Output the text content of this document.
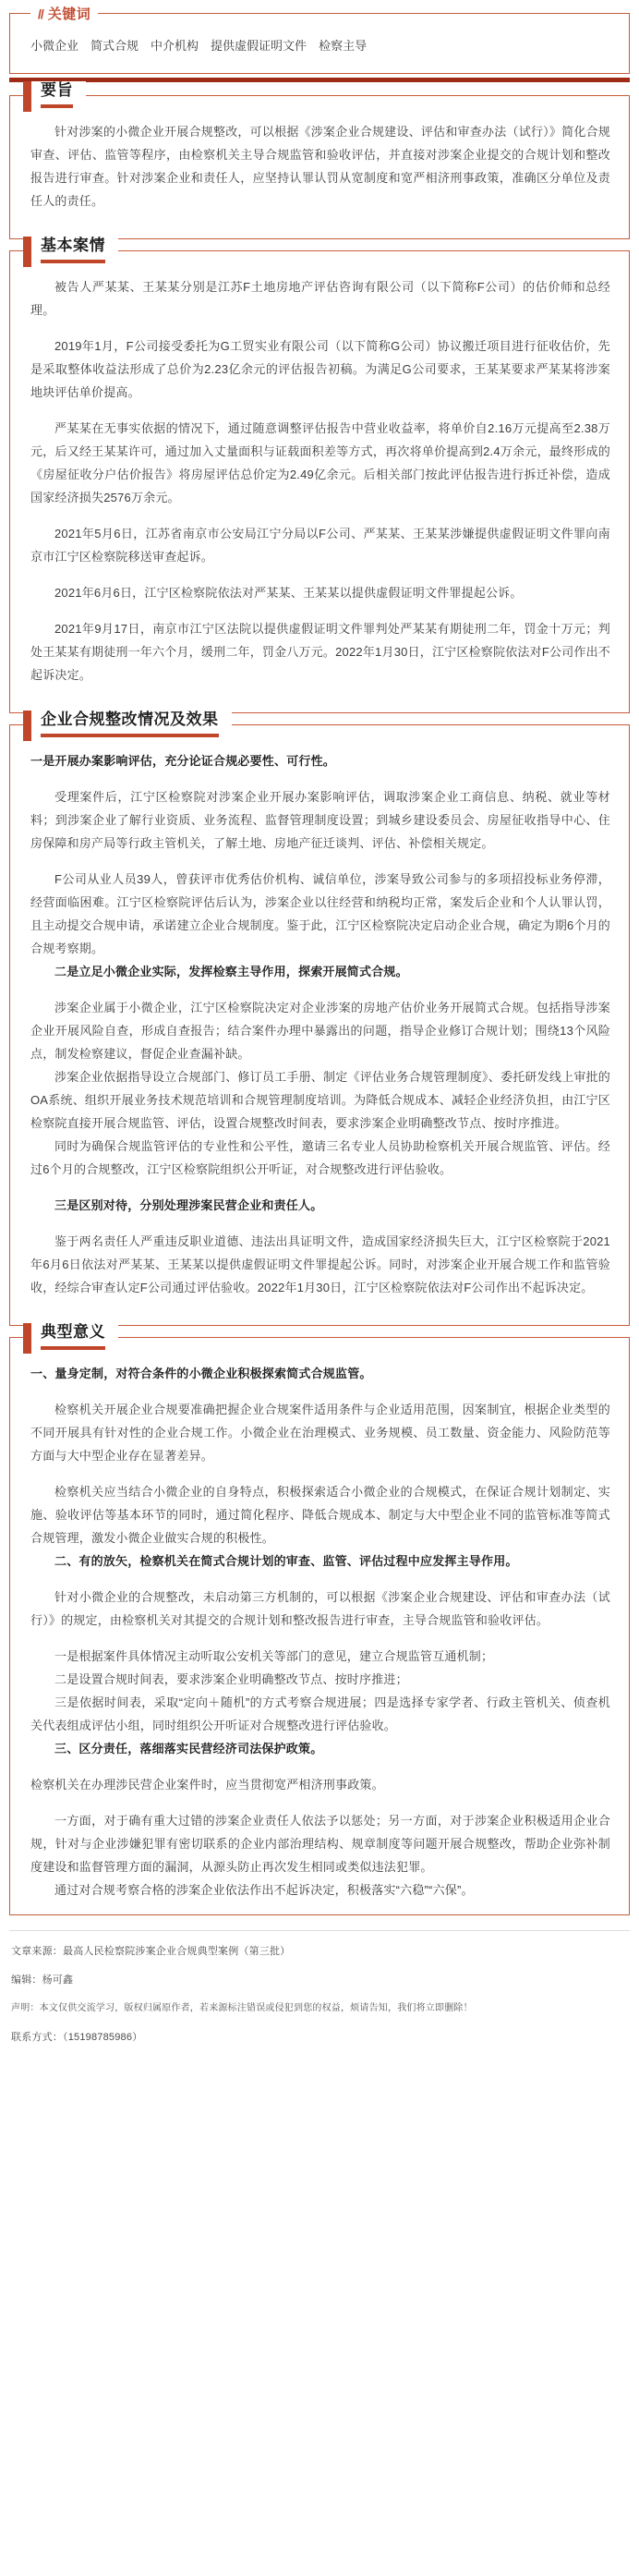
// 关键词
小微企业 简式合规 中介机构 提供虚假证明文件 检察主导
要旨

针对涉案的小微企业开展合规整改，可以根据《涉案企业合规建设、评估和审查办法（试行）》简化合规审查、评估、监管等程序，由检察机关主导合规监管和验收评估，并直接对涉案企业提交的合规计划和整改报告进行审查。针对涉案企业和责任人，应坚持认罪认罚从宽制度和宽严相济刑事政策，准确区分单位及责任人的责任。

基本案情

被告人严某某、王某某分别是江苏F土地房地产评估咨询有限公司（以下简称F公司）的估价师和总经理。

2019年1月，F公司接受委托为G工贸实业有限公司（以下简称G公司）协议搬迁项目进行征收估价，先是采取整体收益法形成了总价为2.23亿余元的评估报告初稿。为满足G公司要求，王某某要求严某某将涉案地块评估单价提高。

严某某在无事实依据的情况下，通过随意调整评估报告中营业收益率，将单价自2.16万元提高至2.38万元，后又经王某某许可，通过加入丈量面积与证载面积差等方式，再次将单价提高到2.4万余元，最终形成的《房屋征收分户估价报告》将房屋评估总价定为2.49亿余元。后相关部门按此评估报告进行拆迁补偿，造成国家经济损失2576万余元。

2021年5月6日，江苏省南京市公安局江宁分局以F公司、严某某、王某某涉嫌提供虚假证明文件罪向南京市江宁区检察院移送审查起诉。

2021年6月6日，江宁区检察院依法对严某某、王某某以提供虚假证明文件罪提起公诉。

2021年9月17日，南京市江宁区法院以提供虚假证明文件罪判处严某某有期徒刑二年，罚金十万元；判处王某某有期徒刑一年六个月，缓刑二年，罚金八万元。2022年1月30日，江宁区检察院依法对F公司作出不起诉决定。

企业合规整改情况及效果

一是开展办案影响评估，充分论证合规必要性、可行性。

受理案件后，江宁区检察院对涉案企业开展办案影响评估，调取涉案企业工商信息、纳税、就业等材料；到涉案企业了解行业资质、业务流程、监督管理制度设置；到城乡建设委员会、房屋征收指导中心、住房保障和房产局等行政主管机关，了解土地、房地产征迁谈判、评估、补偿相关规定。

F公司从业人员39人，曾获评市优秀估价机构、诚信单位，涉案导致公司参与的多项招投标业务停滞，经营面临困难。江宁区检察院评估后认为，涉案企业以往经营和纳税均正常，案发后企业和个人认罪认罚，且主动提交合规申请，承诺建立企业合规制度。鉴于此，江宁区检察院决定启动企业合规，确定为期6个月的合规考察期。

二是立足小微企业实际，发挥检察主导作用，探索开展简式合规。

涉案企业属于小微企业，江宁区检察院决定对企业涉案的房地产估价业务开展简式合规。包括指导涉案企业开展风险自查，形成自查报告；结合案件办理中暴露出的问题，指导企业修订合规计划；围绕13个风险点，制发检察建议，督促企业查漏补缺。

涉案企业依据指导设立合规部门、修订员工手册、制定《评估业务合规管理制度》、委托研发线上审批的OA系统、组织开展业务技术规范培训和合规管理制度培训。为降低合规成本、减轻企业经济负担，由江宁区检察院直接开展合规监管、评估，设置合规整改时间表，要求涉案企业明确整改节点、按时序推进。

同时为确保合规监管评估的专业性和公平性，邀请三名专业人员协助检察机关开展合规监管、评估。经过6个月的合规整改，江宁区检察院组织公开听证，对合规整改进行评估验收。

三是区别对待，分别处理涉案民营企业和责任人。

鉴于两名责任人严重违反职业道德、违法出具证明文件，造成国家经济损失巨大，江宁区检察院于2021年6月6日依法对严某某、王某某以提供虚假证明文件罪提起公诉。同时，对涉案企业开展合规工作和监管验收，经综合审查认定F公司通过评估验收。2022年1月30日，江宁区检察院依法对F公司作出不起诉决定。

典型意义

一、量身定制，对符合条件的小微企业积极探索简式合规监管。

检察机关开展企业合规要准确把握企业合规案件适用条件与企业适用范围，因案制宜，根据企业类型的不同开展具有针对性的企业合规工作。小微企业在治理模式、业务规模、员工数量、资金能力、风险防范等方面与大中型企业存在显著差异。

检察机关应当结合小微企业的自身特点，积极探索适合小微企业的合规模式，在保证合规计划制定、实施、验收评估等基本环节的同时，通过简化程序、降低合规成本、制定与大中型企业不同的监管标准等简式合规管理，激发小微企业做实合规的积极性。

二、有的放矢，检察机关在简式合规计划的审查、监管、评估过程中应发挥主导作用。

针对小微企业的合规整改，未启动第三方机制的，可以根据《涉案企业合规建设、评估和审查办法（试行）》的规定，由检察机关对其提交的合规计划和整改报告进行审查，主导合规监管和验收评估。

一是根据案件具体情况主动听取公安机关等部门的意见，建立合规监管互通机制；

二是设置合规时间表，要求涉案企业明确整改节点、按时序推进；

三是依据时间表，采取“定向＋随机”的方式考察合规进展；四是选择专家学者、行政主管机关、侦查机关代表组成评估小组，同时组织公开听证对合规整改进行评估验收。

三、区分责任，落细落实民营经济司法保护政策。

检察机关在办理涉民营企业案件时，应当贯彻宽严相济刑事政策。

一方面，对于确有重大过错的涉案企业责任人依法予以惩处；另一方面，对于涉案企业积极适用企业合规，针对与企业涉嫌犯罪有密切联系的企业内部治理结构、规章制度等问题开展合规整改，帮助企业弥补制度建设和监督管理方面的漏洞，从源头防止再次发生相同或类似违法犯罪。

通过对合规考察合格的涉案企业依法作出不起诉决定，积极落实“六稳”“六保”。

文章来源：最高人民检察院涉案企业合规典型案例（第三批）

编辑：杨可鑫

声明：本文仅供交流学习，版权归属原作者，若来源标注错误或侵犯到您的权益，烦请告知，我们将立即删除！

联系方式：（15198785986）
